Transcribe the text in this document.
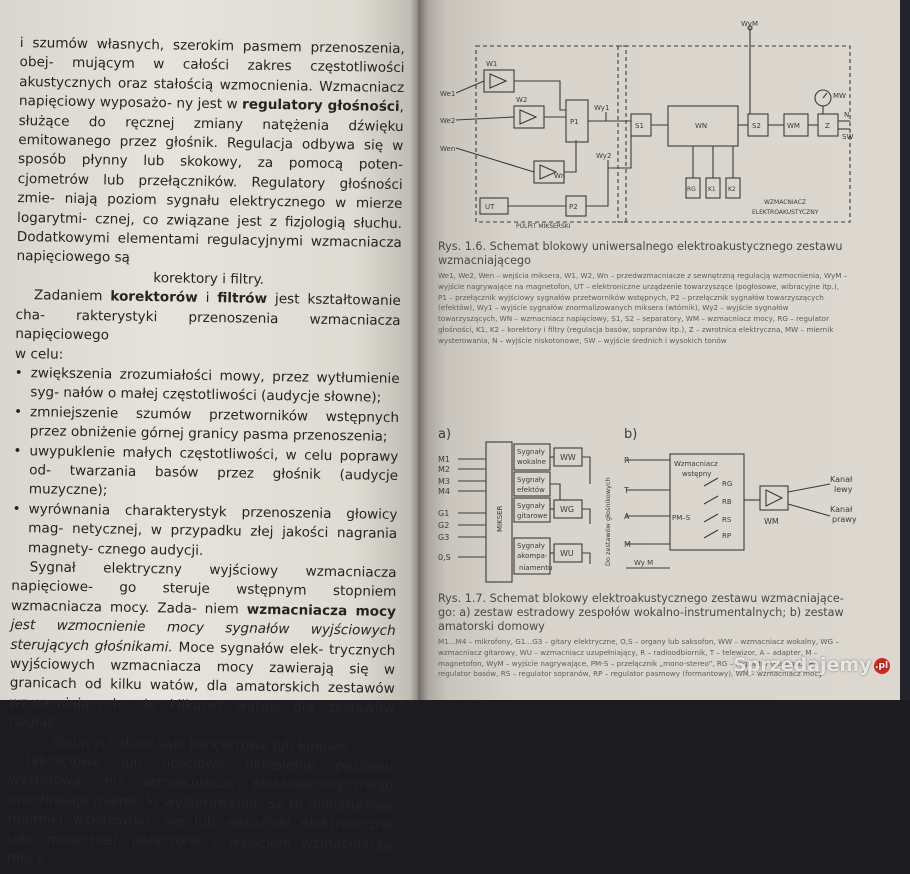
i szumów własnych, szerokim pasmem przenoszenia, obej- mującym w całości zakres częstotliwości akustycznych oraz stałością wzmocnienia. Wzmacniacz napięciowy wyposażo- ny jest w regulatory głośności, służące do ręcznej zmiany natężenia dźwięku emitowanego przez głośnik. Regulacja odbywa się w sposób płynny lub skokowy, za pomocą poten- cjometrów lub przełączników. Regulatory głośności zmie- niają poziom sygnału elektrycznego w mierze logarytmi- cznej, co związane jest z fizjologią słuchu. Dodatkowymi elementami regulacyjnymi wzmacniacza napięciowego są

korektory i filtry.

Zadaniem korektorów i filtrów jest kształtowanie cha- rakterystyki przenoszenia wzmacniacza napięciowego

w celu:

• zwiększenia zrozumiałości mowy, przez wytłumienie syg- nałów o małej częstotliwości (audycje słowne);

• zmniejszenie szumów przetworników wstępnych przez obniżenie górnej granicy pasma przenoszenia;

• uwypuklenie małych częstotliwości, w celu poprawy od- twarzania basów przez głośnik (audycje muzyczne);

• wyrównania charakterystyk przenoszenia głowicy mag- netycznej, w przypadku złej jakości nagrania magnety- cznego audycji.

Sygnał elektryczny wyjściowy wzmacniacza napięciowe- go steruje wstępnym stopniem wzmacniacza mocy. Zada- niem wzmacniacza mocy jest wzmocnienie mocy sygnałów wyjściowych sterujących głośnikami. Moce sygnałów elek- trycznych wyjściowych wzmacniacza mocy zawierają się w granicach od kilku watów, dla amatorskich zestawów wzmacniających, do kilkuset watów dla zestawów nagłaś-

niających duże sale koncertowe lub kinowe.

Jakościowe lub ilościowe określenie poziomu wysterowa- nia wzmacniacza elektroakustycznego umożliwiają mierni- ki wysterowania. Są to miniaturowe mierniki wskazówko- we lub wskaźniki elektroniczne (oko magiczne), połączone z wyjściem wzmacniacza mocy.

We1
We2
Wen
W1
W2
Wn
P1
P2
UT
Wy1
Wy2
WyM
S1	WN	S2	WM	Z
MW
N
SW
RG K1 K2
PULPIT MIKSERSKI
WZMACNIACZ
ELEKTROAKUSTYCZNY
Rys. 1.6. Schemat blokowy uniwersalnego elektroakustycznego zestawu wzmacniającego
We1, We2, Wen – wejścia miksera, W1, W2, Wn – przedwzmacniacze z sewnętrzną regulacją wzmocnienia, WyM – wyjście nagrywające na magnetofon, UT – elektroniczne urządzenie towarzyszące (pogłosowe, wibracyjne itp.), P1 – przełącznik wyjściowy sygnałów przetworników wstępnych, P2 – przełącznik sygnałów towarzyszących (efektów), Wy1 – wyjście sygnałów znormalizowanych miksera (wtórnik), Wy2 – wyjście sygnałów towarzyszących, WN – wzmacniacz napięciowy, S1, S2 – separatory, WM – wzmacniacz mocy, RG – regulator głośności, K1, K2 – korektory i filtry (regulacja basów, sopranów itp.), Z – zwrotnica elektryczna, MW – miernik wysterowania, N – wyjście niskotonowe, SW – wyjście średnich i wysokich tonów
a)	b)
M1
M2
M3
M4
G1
G2
G3
0,S
MIKSER
Sygnały
wokalne
Sygnały
efektów
Sygnały
gitarowe
Sygnały
akompa-
niamentu
WW
WG
WU	Do zestawów głośnikowych
R
T
A
M
Wy M
Wzmacniacz
wstępny
RG
RB
RS
RP
PM–S	WM
Kanał
lewy
Kanał
prawy
Rys. 1.7. Schemat blokowy elektroakustycznego zestawu wzmacniające-
go: a) zestaw estradowy zespołów wokalno-instrumentalnych; b) zestaw
amatorski domowy
M1...M4 – mikrofony, G1...G3 – gitary elektryczne, O,S – organy lub saksofon, WW – wzmacniacz wokalny, WG – wzmacniacz gitarowy, WU – wzmacniacz uzupełniający, R – radioodbiornik, T – telewizor, A – adapter, M – magnetofon, WyM – wyjście nagrywające, PM-S – przełącznik „mono-stereo”, RG – regulator głośności, RB – regulator basów, RS – regulator sopranów, RP – regulator pasmowy (formantowy), WM – wzmacniacz mocy
Sprzedajemy .pl
